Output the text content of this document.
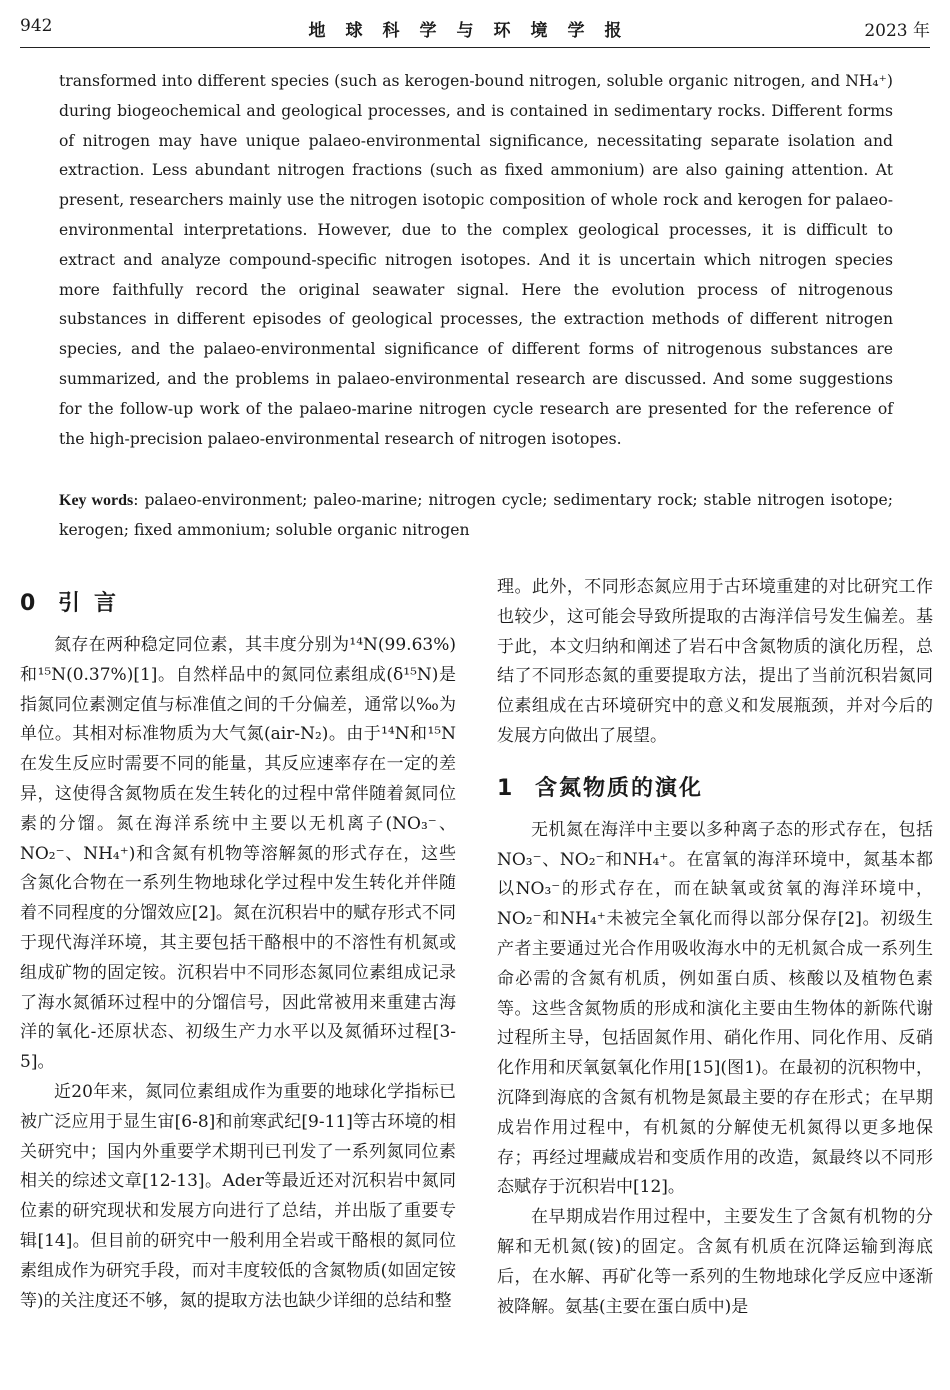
942	地球科学与环境学报	2023 年
transformed into different species (such as kerogen-bound nitrogen, soluble organic nitrogen, and NH₄⁺) during biogeochemical and geological processes, and is contained in sedimentary rocks. Different forms of nitrogen may have unique palaeo-environmental significance, necessitating separate isolation and extraction. Less abundant nitrogen fractions (such as fixed ammonium) are also gaining attention. At present, researchers mainly use the nitrogen isotopic composition of whole rock and kerogen for palaeo-environmental interpretations. However, due to the complex geological processes, it is difficult to extract and analyze compound-specific nitrogen isotopes. And it is uncertain which nitrogen species more faithfully record the original seawater signal. Here the evolution process of nitrogenous substances in different episodes of geological processes, the extraction methods of different nitrogen species, and the palaeo-environmental significance of different forms of nitrogenous substances are summarized, and the problems in palaeo-environmental research are discussed. And some suggestions for the follow-up work of the palaeo-marine nitrogen cycle research are presented for the reference of the high-precision palaeo-environmental research of nitrogen isotopes.
Key words: palaeo-environment; paleo-marine; nitrogen cycle; sedimentary rock; stable nitrogen isotope; kerogen; fixed ammonium; soluble organic nitrogen
0 引言

氮存在两种稳定同位素，其丰度分别为¹⁴N(99.63%)和¹⁵N(0.37%)[1]。自然样品中的氮同位素组成(δ¹⁵N)是指氮同位素测定值与标准值之间的千分偏差，通常以‰为单位。其相对标准物质为大气氮(air-N₂)。由于¹⁴N和¹⁵N在发生反应时需要不同的能量，其反应速率存在一定的差异，这使得含氮物质在发生转化的过程中常伴随着氮同位素的分馏。氮在海洋系统中主要以无机离子(NO₃⁻、NO₂⁻、NH₄⁺)和含氮有机物等溶解氮的形式存在，这些含氮化合物在一系列生物地球化学过程中发生转化并伴随着不同程度的分馏效应[2]。氮在沉积岩中的赋存形式不同于现代海洋环境，其主要包括干酪根中的不溶性有机氮或组成矿物的固定铵。沉积岩中不同形态氮同位素组成记录了海水氮循环过程中的分馏信号，因此常被用来重建古海洋的氧化-还原状态、初级生产力水平以及氮循环过程[3-5]。

近20年来，氮同位素组成作为重要的地球化学指标已被广泛应用于显生宙[6-8]和前寒武纪[9-11]等古环境的相关研究中；国内外重要学术期刊已刊发了一系列氮同位素相关的综述文章[12-13]。Ader等最近还对沉积岩中氮同位素的研究现状和发展方向进行了总结，并出版了重要专辑[14]。但目前的研究中一般利用全岩或干酪根的氮同位素组成作为研究手段，而对丰度较低的含氮物质(如固定铵等)的关注度还不够，氮的提取方法也缺少详细的总结和整

理。此外，不同形态氮应用于古环境重建的对比研究工作也较少，这可能会导致所提取的古海洋信号发生偏差。基于此，本文归纳和阐述了岩石中含氮物质的演化历程，总结了不同形态氮的重要提取方法，提出了当前沉积岩氮同位素组成在古环境研究中的意义和发展瓶颈，并对今后的发展方向做出了展望。

1 含氮物质的演化

无机氮在海洋中主要以多种离子态的形式存在，包括NO₃⁻、NO₂⁻和NH₄⁺。在富氧的海洋环境中，氮基本都以NO₃⁻的形式存在，而在缺氧或贫氧的海洋环境中，NO₂⁻和NH₄⁺未被完全氧化而得以部分保存[2]。初级生产者主要通过光合作用吸收海水中的无机氮合成一系列生命必需的含氮有机质，例如蛋白质、核酸以及植物色素等。这些含氮物质的形成和演化主要由生物体的新陈代谢过程所主导，包括固氮作用、硝化作用、同化作用、反硝化作用和厌氧氨氧化作用[15](图1)。在最初的沉积物中，沉降到海底的含氮有机物是氮最主要的存在形式；在早期成岩作用过程中，有机氮的分解使无机氮得以更多地保存；再经过埋藏成岩和变质作用的改造，氮最终以不同形态赋存于沉积岩中[12]。

在早期成岩作用过程中，主要发生了含氮有机物的分解和无机氮(铵)的固定。含氮有机质在沉降运输到海底后，在水解、再矿化等一系列的生物地球化学反应中逐渐被降解。氨基(主要在蛋白质中)是
